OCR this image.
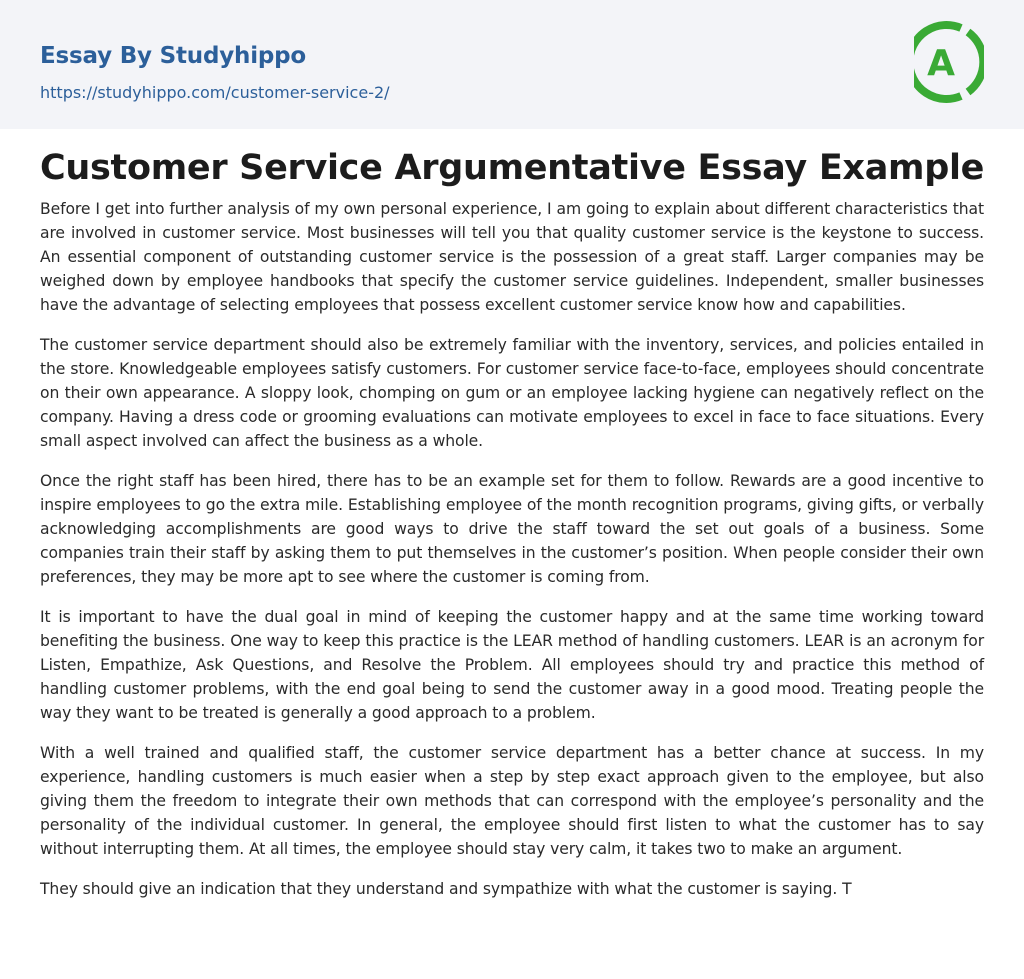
Essay By Studyhippo
https://studyhippo.com/customer-service-2/
A
Customer Service Argumentative Essay Example

Before I get into further analysis of my own personal experience, I am going to explain about different characteristics that are involved in customer service. Most businesses will tell you that quality customer service is the keystone to success. An essential component of outstanding customer service is the possession of a great staff. Larger companies may be weighed down by employee handbooks that specify the customer service guidelines. Independent, smaller businesses have the advantage of selecting employees that possess excellent customer service know how and capabilities.

The customer service department should also be extremely familiar with the inventory, services, and policies entailed in the store. Knowledgeable employees satisfy customers. For customer service face-to-face, employees should concentrate on their own appearance. A sloppy look, chomping on gum or an employee lacking hygiene can negatively reflect on the company. Having a dress code or grooming evaluations can motivate employees to excel in face to face situations. Every small aspect involved can affect the business as a whole.

Once the right staff has been hired, there has to be an example set for them to follow. Rewards are a good incentive to inspire employees to go the extra mile. Establishing employee of the month recognition programs, giving gifts, or verbally acknowledging accomplishments are good ways to drive the staff toward the set out goals of a business. Some companies train their staff by asking them to put themselves in the customer’s position. When people consider their own preferences, they may be more apt to see where the customer is coming from.

It is important to have the dual goal in mind of keeping the customer happy and at the same time working toward benefiting the business. One way to keep this practice is the LEAR method of handling customers. LEAR is an acronym for Listen, Empathize, Ask Questions, and Resolve the Problem. All employees should try and practice this method of handling customer problems, with the end goal being to send the customer away in a good mood. Treating people the way they want to be treated is generally a good approach to a problem.

With a well trained and qualified staff, the customer service department has a better chance at success. In my experience, handling customers is much easier when a step by step exact approach given to the employee, but also giving them the freedom to integrate their own methods that can correspond with the employee’s personality and the personality of the individual customer. In general, the employee should first listen to what the customer has to say without interrupting them. At all times, the employee should stay very calm, it takes two to make an argument.

They should give an indication that they understand and sympathize with what the customer is saying. T
